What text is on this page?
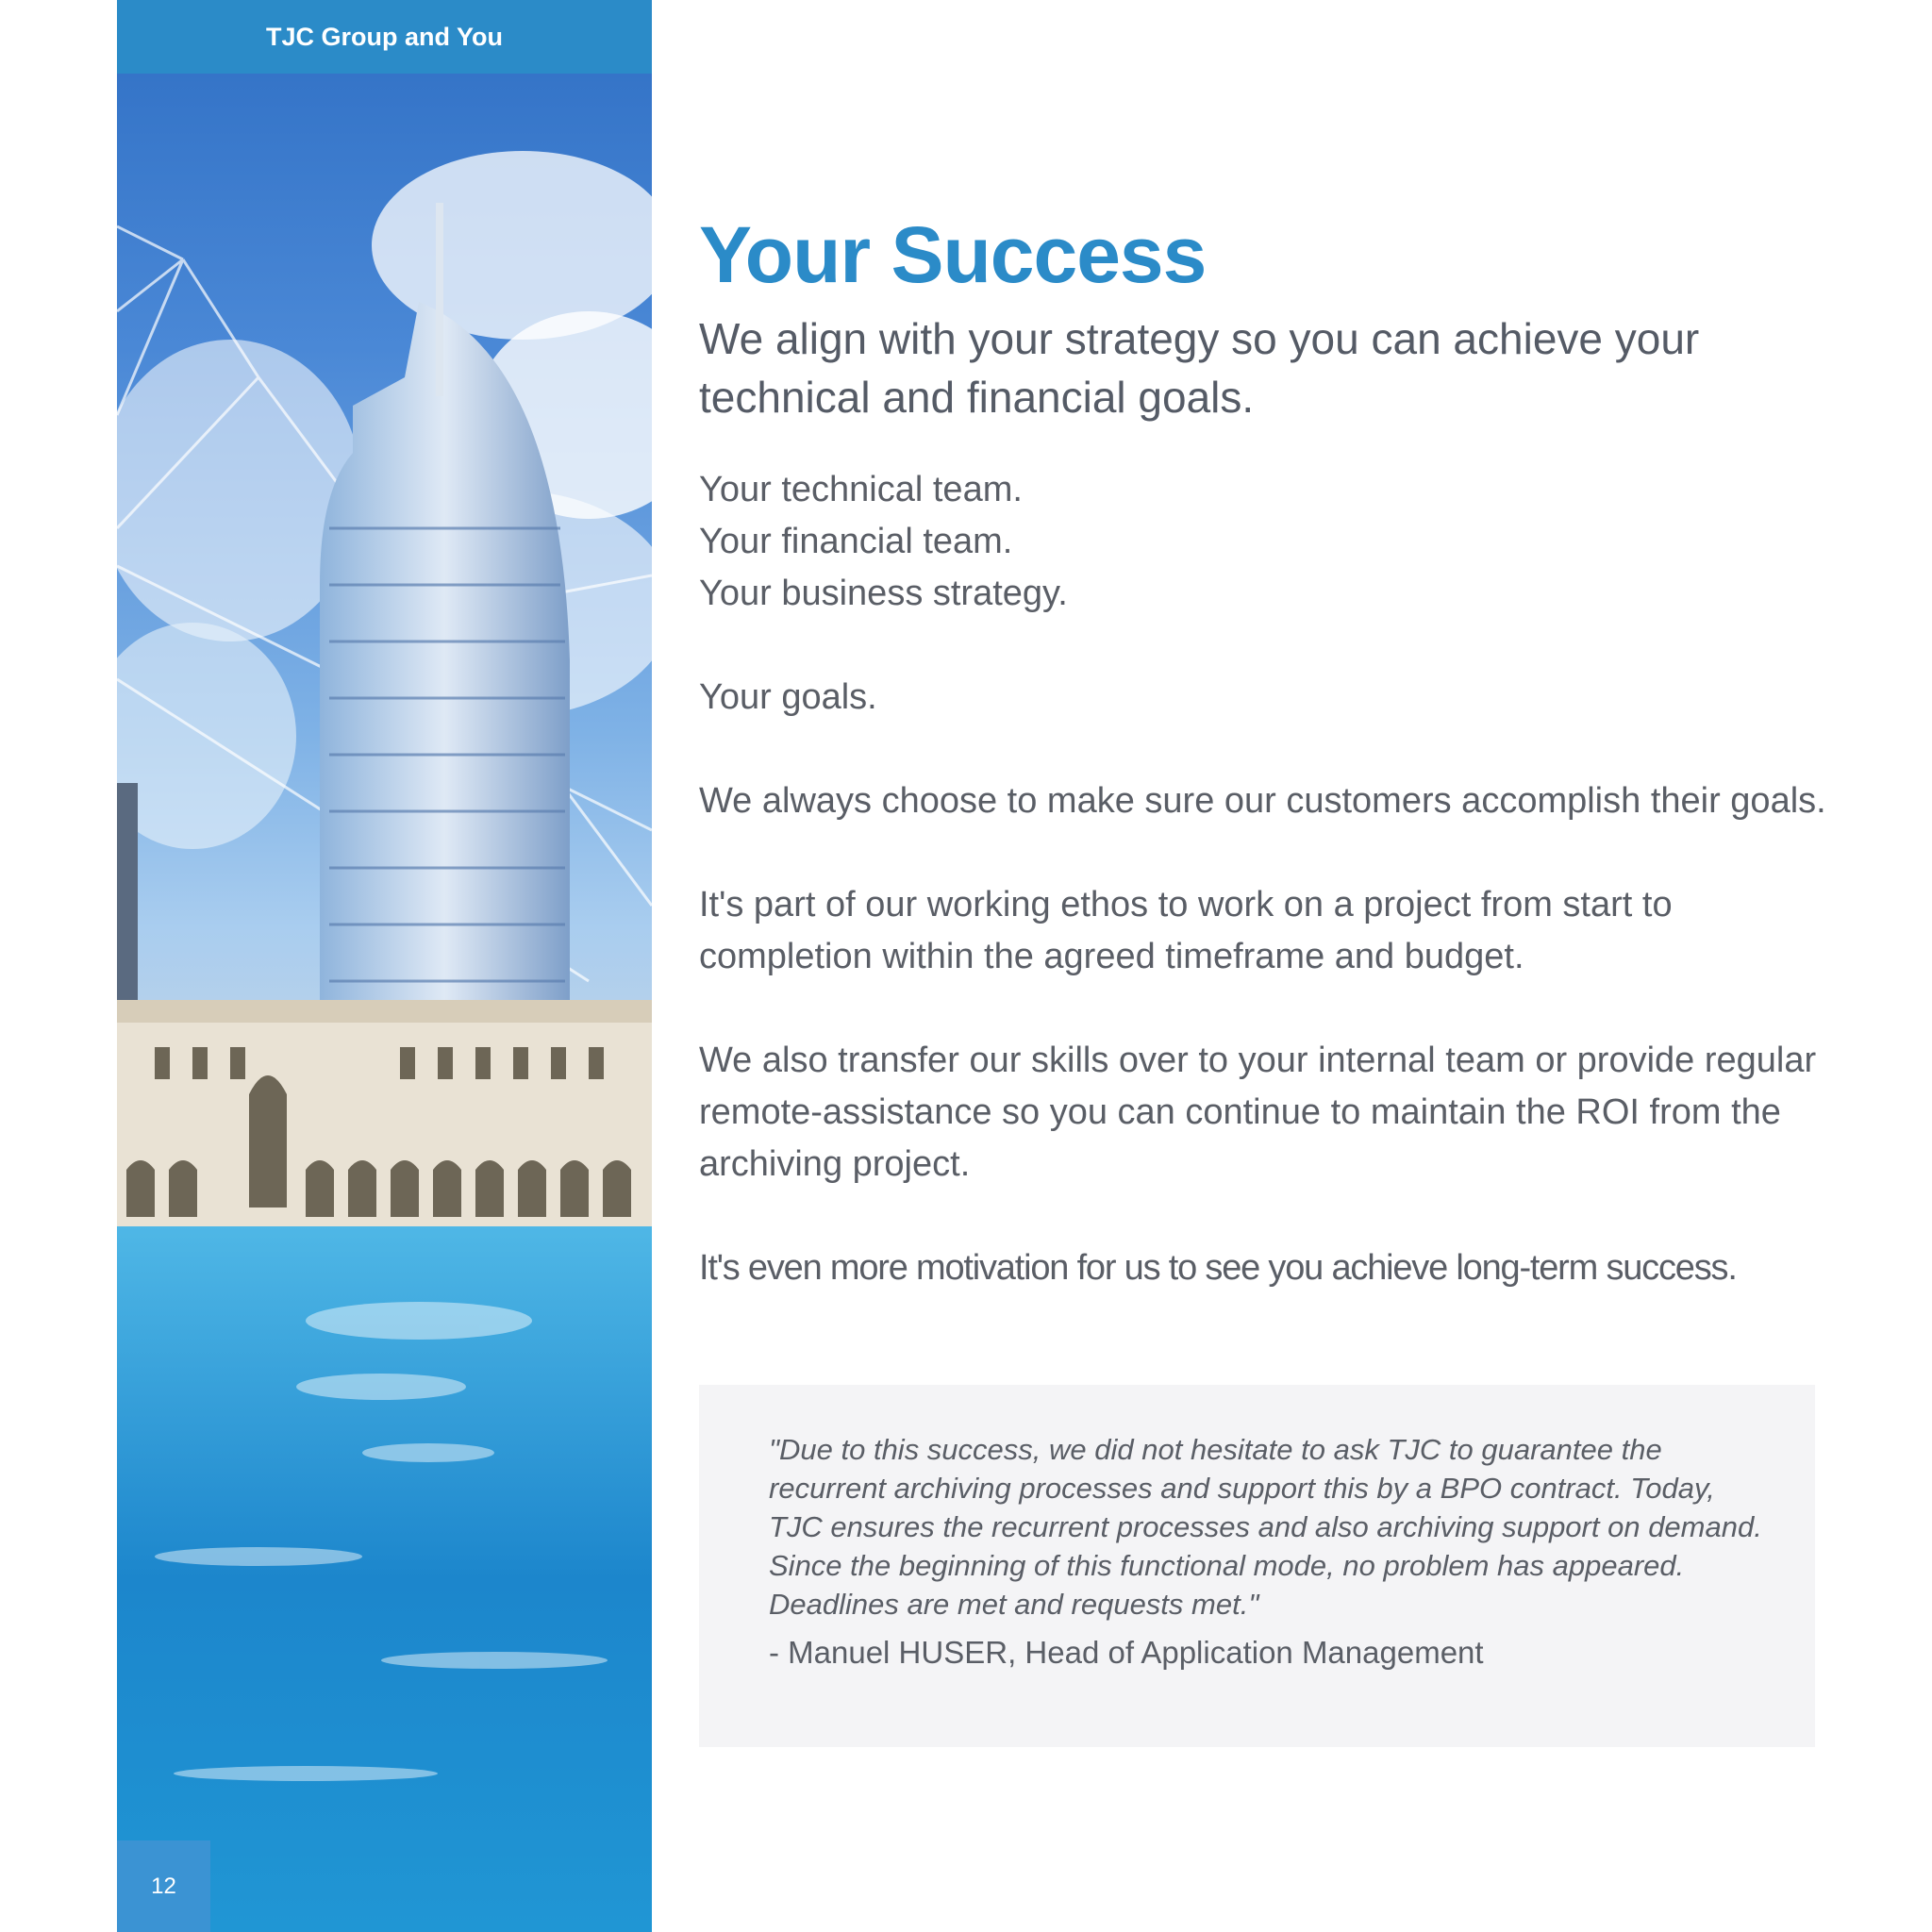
TJC Group and You
12
Your Success

We align with your strategy so you can achieve your technical and financial goals.

Your technical team.
Your financial team.
Your business strategy.

Your goals.

We always choose to make sure our customers accomplish their goals.

It's part of our working ethos to work on a project from start to completion within the agreed timeframe and budget.

We also transfer our skills over to your internal team or provide regular remote-assistance so you can continue to maintain the ROI from the archiving project.

It's even more motivation for us to see you achieve long-term success.

"Due to this success, we did not hesitate to ask TJC to guarantee the recurrent archiving processes and support this by a BPO contract. Today, TJC ensures the recurrent processes and also archiving support on demand. Since the beginning of this functional mode, no problem has appeared. Deadlines are met and requests met."
- Manuel HUSER, Head of Application Management
